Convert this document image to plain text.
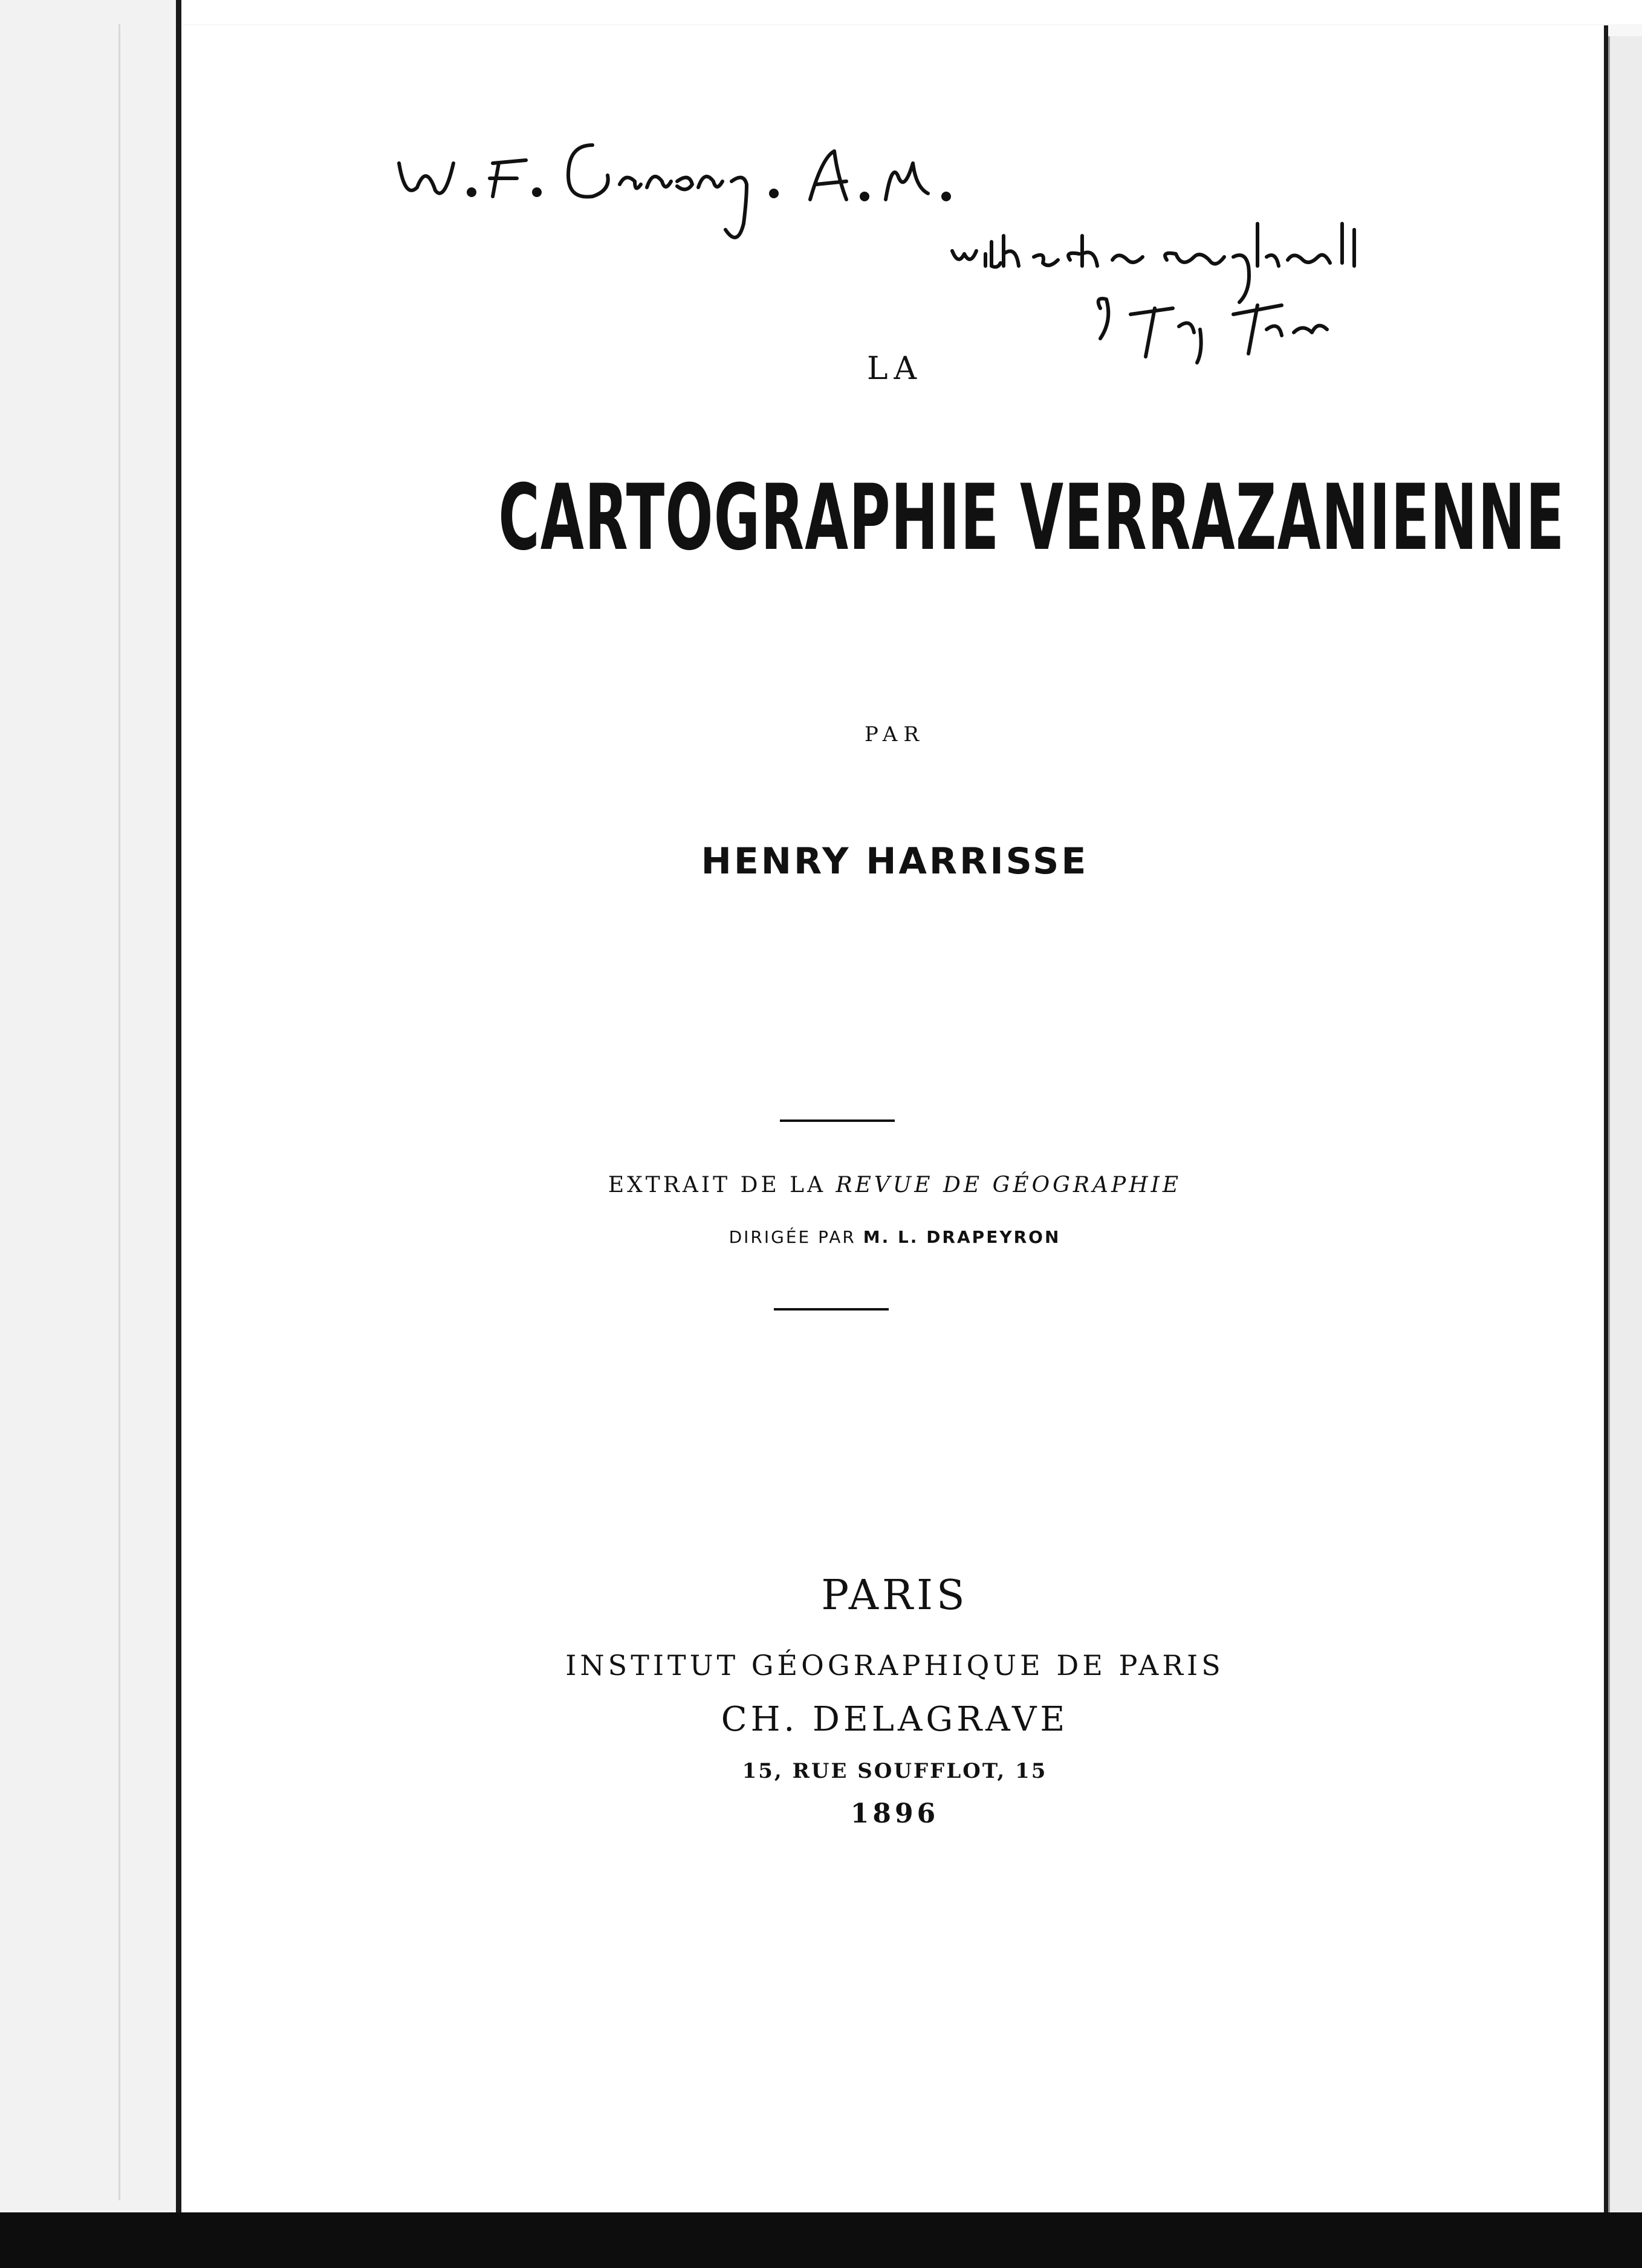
LA
CARTOGRAPHIE VERRAZANIENNE
PAR
HENRY HARRISSE
EXTRAIT DE LA REVUE DE GÉOGRAPHIE
DIRIGÉE PAR M. L. DRAPEYRON
PARIS
INSTITUT GÉOGRAPHIQUE DE PARIS
CH. DELAGRAVE
15, RUE SOUFFLOT, 15
1896
